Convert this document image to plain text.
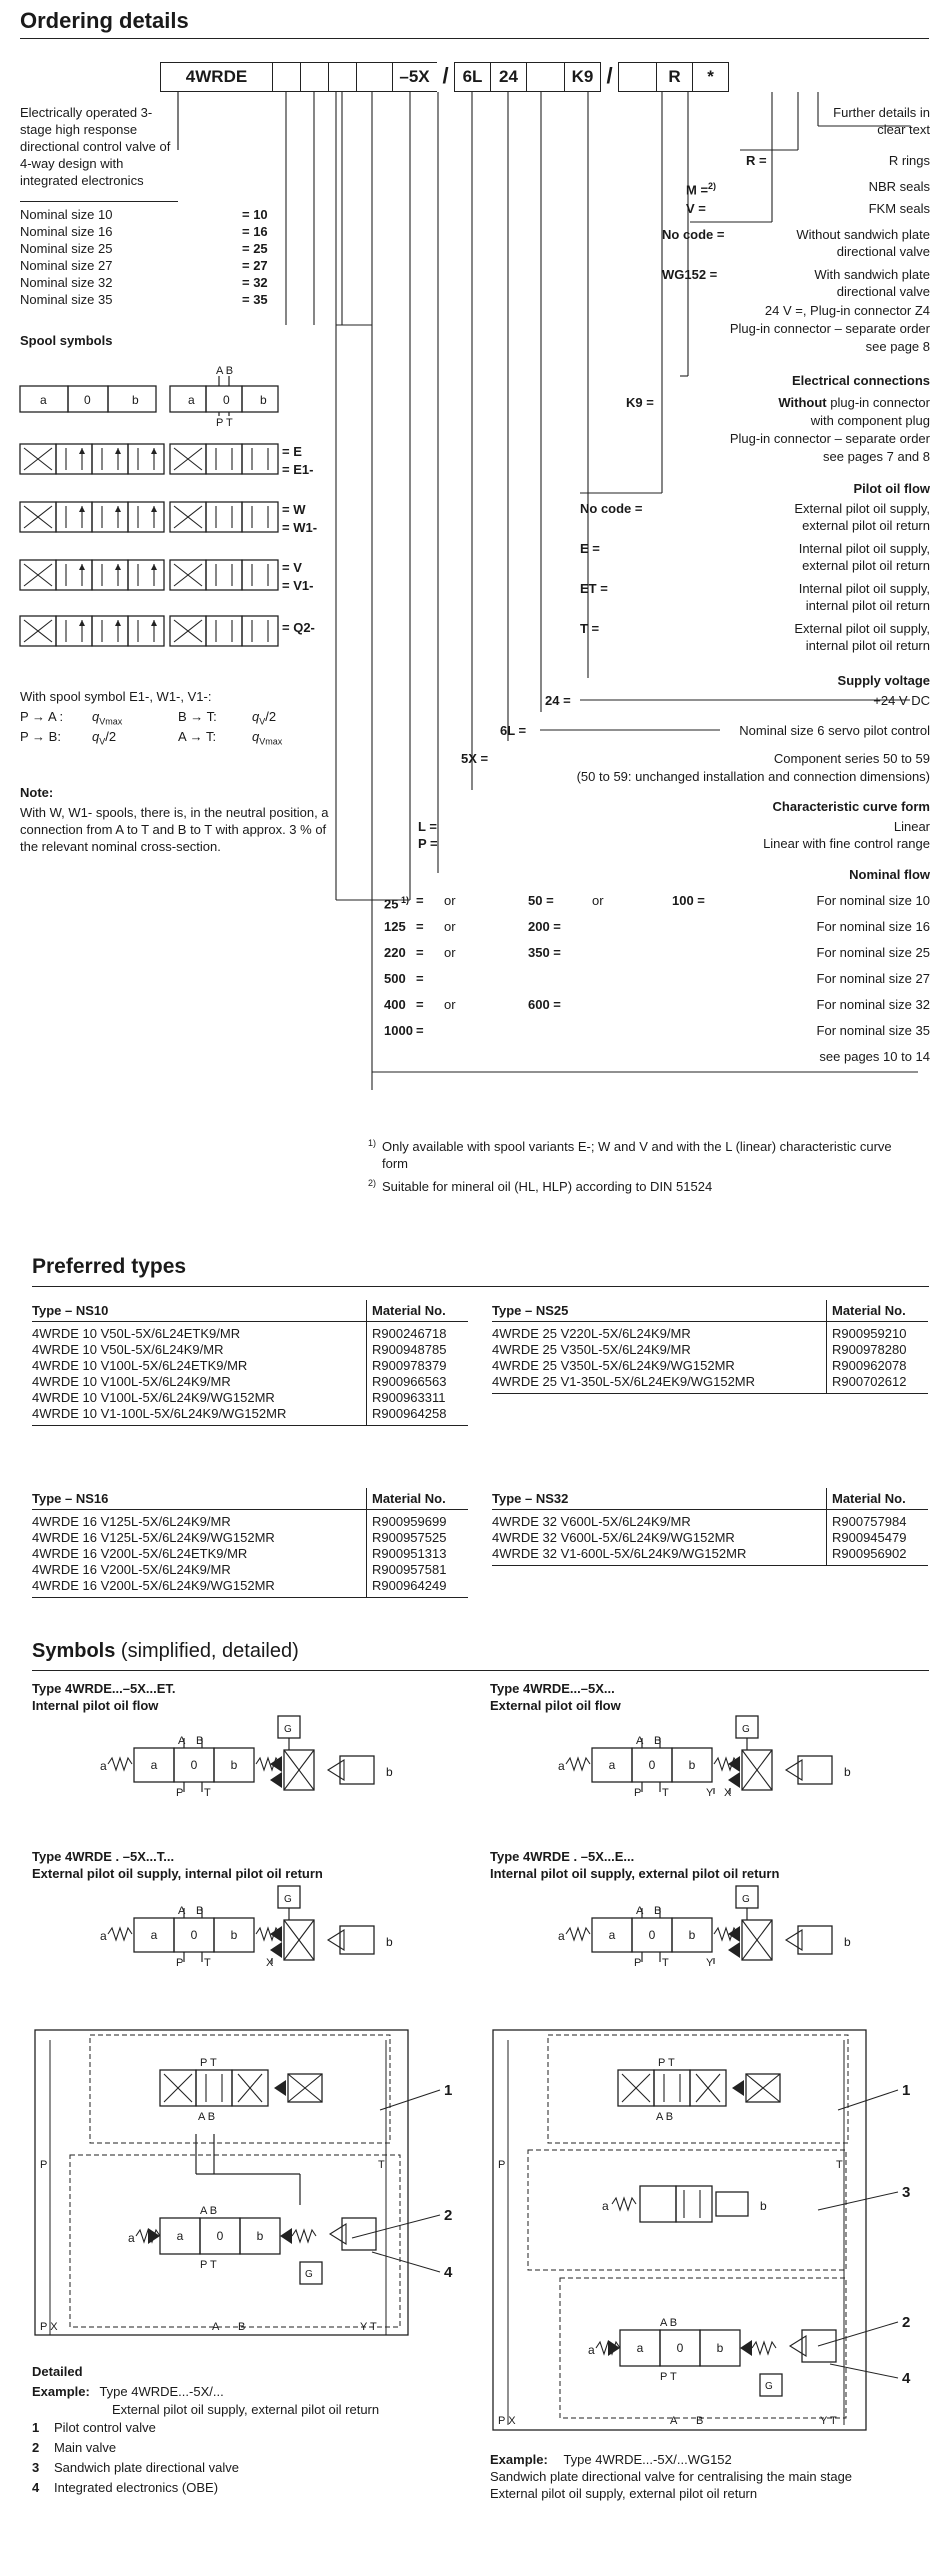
Ordering details
4WRDE	–5X / 6L 24	K9 /	R	*
Electrically operated 3-stage high response directional control valve of 4-way design with integrated electronics
Nominal size 10	= 10
Nominal size 16	= 16
Nominal size 25	= 25
Nominal size 27	= 27
Nominal size 32	= 32
Nominal size 35	= 35
Spool symbols
a	0	b	a 0	b
A B
P T
= E
= E1-
= W
= W1-
= V
= V1-
= Q2-
With spool symbol E1-, W1-, V1-:
P → A : $q_{Vmax}$	B → T:	$q_V/2$
P → B: $q_V/2$	A → T:	$q_{Vmax}$
Note:
With W, W1- spools, there is, in the neutral position, a connection from A to T and B to T with approx. 3 % of the relevant nominal cross-section.
Further details in clear text
R =	R rings
M =$^{2)}$	NBR seals
V =	FKM seals
No code =	Without sandwich plate directional valve
WG152 =	With sandwich plate directional valve
24 V =, Plug-in connector Z4
Plug-in connector – separate order
see page 8
Electrical connections
K9 =	Without plug-in connector
with component plug
Plug-in connector – separate order
see pages 7 and 8
Pilot oil flow
No code =	External pilot oil supply,
external pilot oil return
E =	Internal pilot oil supply,
external pilot oil return
ET =	Internal pilot oil supply,
internal pilot oil return
T =	External pilot oil supply,
internal pilot oil return
Supply voltage
24 =	+24 V DC
6L =	Nominal size 6 servo pilot control
5X =	Component series 50 to 59
(50 to 59: unchanged installation and connection dimensions)
Characteristic curve form
L =	Linear
P =	Linear with fine control range
Nominal flow
25 $^{1)}$ = or	50 =	or	100 =	For nominal size 10
125 = or	200 =	For nominal size 16
220 = or	350 =	For nominal size 25
500 =	For nominal size 27
400 = or	600 =	For nominal size 32
1000 =	For nominal size 35
see pages 10 to 14
1) Only available with spool variants E-; W and V and with the L (linear) characteristic curve form
2) Suitable for mineral oil (HL, HLP) according to DIN 51524
Preferred types
Type – NS10	Material No.
4WRDE 10 V50L-5X/6L24ETK9/MR	R900246718
4WRDE 10 V50L-5X/6L24K9/MR	R900948785
4WRDE 10 V100L-5X/6L24ETK9/MR	R900978379
4WRDE 10 V100L-5X/6L24K9/MR	R900966563
4WRDE 10 V100L-5X/6L24K9/WG152MR	R900963311
4WRDE 10 V1-100L-5X/6L24K9/WG152MR	R900964258
Type – NS25	Material No.
4WRDE 25 V220L-5X/6L24K9/MR	R900959210
4WRDE 25 V350L-5X/6L24K9/MR	R900978280
4WRDE 25 V350L-5X/6L24K9/WG152MR	R900962078
4WRDE 25 V1-350L-5X/6L24EK9/WG152MR	R900702612
Type – NS16	Material No.
4WRDE 16 V125L-5X/6L24K9/MR	R900959699
4WRDE 16 V125L-5X/6L24K9/WG152MR	R900957525
4WRDE 16 V200L-5X/6L24ETK9/MR	R900951313
4WRDE 16 V200L-5X/6L24K9/MR	R900957581
4WRDE 16 V200L-5X/6L24K9/WG152MR	R900964249
Type – NS32	Material No.
4WRDE 32 V600L-5X/6L24K9/MR	R900757984
4WRDE 32 V600L-5X/6L24K9/WG152MR	R900945479
4WRDE 32 V1-600L-5X/6L24K9/WG152MR	R900956902
Symbols (simplified, detailed)
Type 4WRDE...–5X...ET.
Internal pilot oil flow
Type 4WRDE...–5X...
External pilot oil flow
Type 4WRDE . –5X...T...
External pilot oil supply, internal pilot oil return
Type 4WRDE . –5X...E...
Internal pilot oil supply, external pilot oil return
a	a	0	b
A B
P T
G
b	a	a	0	b
A B
P T
G
b
Y X
a	a	0	b
A B
P T
G
b
X
a	a	0	b
A B
P T
G
b
Y
P T
A B
a	a	0	b
A B
P T
G
P	T
P X	Y T
A B
1
2
4
P T
A B
a	b
a	a	0	b
A B
P T
G
P	T
P X	Y T
A B
1
3
2
4
Detailed
Example: Type 4WRDE...-5X/...
External pilot oil supply, external pilot oil return
1 Pilot control valve
2 Main valve
3 Sandwich plate directional valve
4 Integrated electronics (OBE)
Example: Type 4WRDE...-5X/...WG152
Sandwich plate directional valve for centralising the main stage
External pilot oil supply, external pilot oil return
